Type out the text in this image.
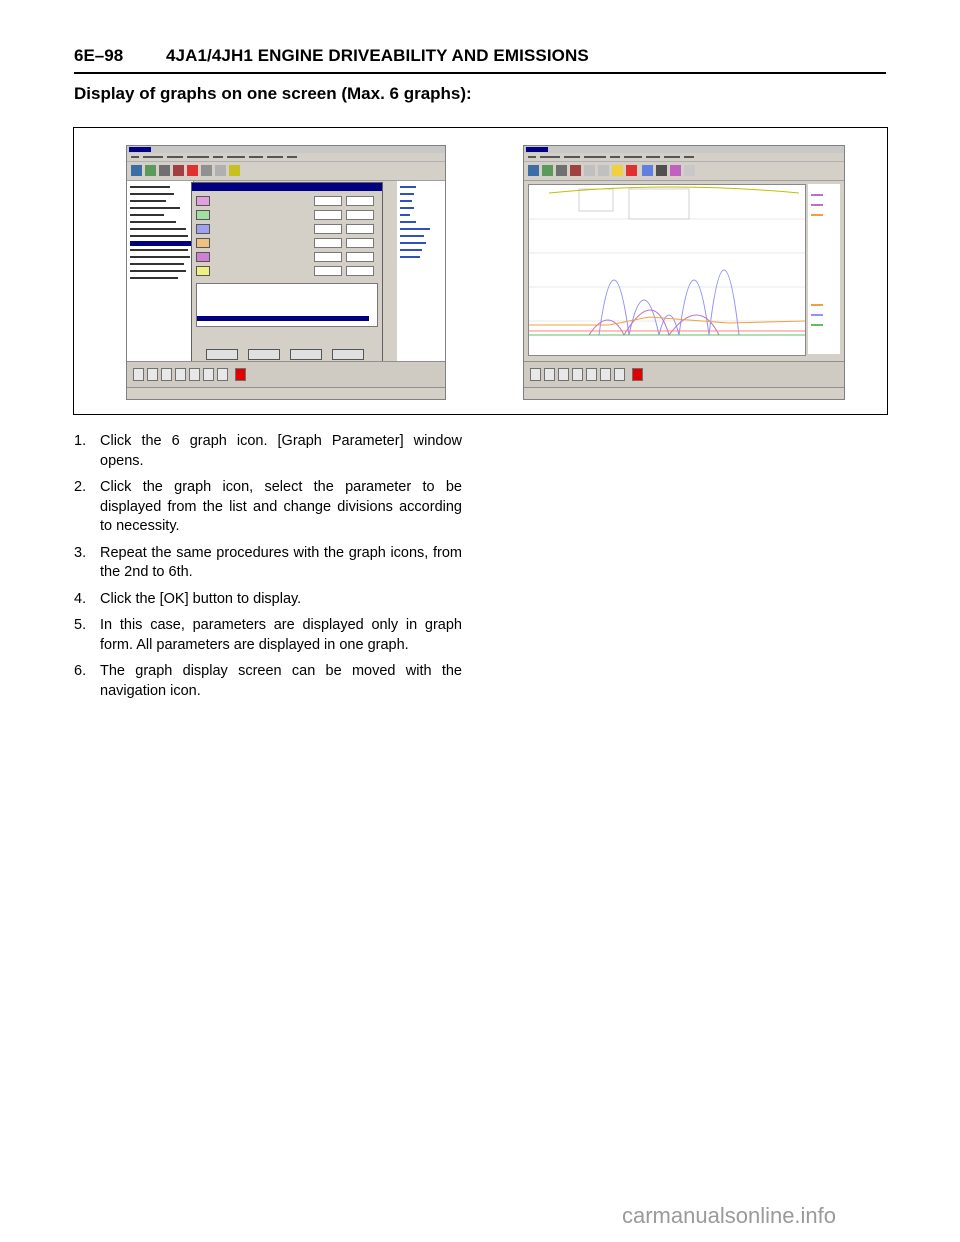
6E–98	4JA1/4JH1 ENGINE DRIVEABILITY AND EMISSIONS
Display of graphs on one screen (Max. 6 graphs):
1. Click the 6 graph icon. [Graph Parameter] window opens.
2. Click the graph icon, select the parameter to be displayed from the list and change divisions according to necessity.
3. Repeat the same procedures with the graph icons, from the 2nd to 6th.
4. Click the [OK] button to display.
5. In this case, parameters are displayed only in graph form. All parameters are displayed in one graph.
6. The graph display screen can be moved with the navigation icon.
carmanualsonline.info
